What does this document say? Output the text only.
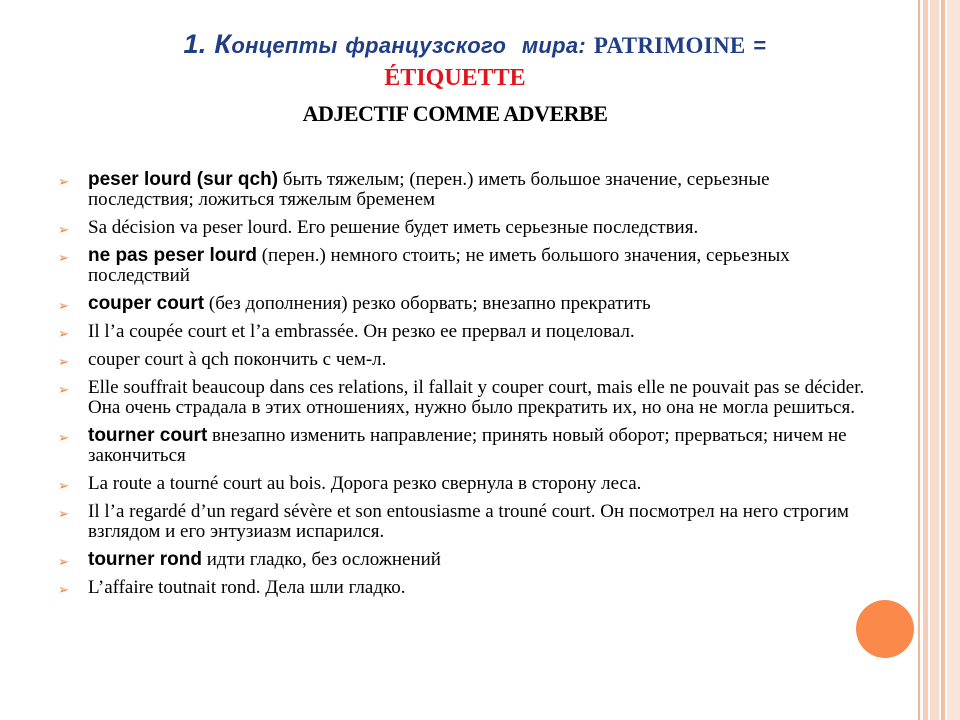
1. Концепты французского мира: PATRIMOINE =
ÉTIQUETTE
ADJECTIF COMME ADVERBE
➢ peser lourd (sur qch) быть тяжелым; (перен.) иметь большое значение, серьезные последствия; ложиться тяжелым бременем
➢ Sa décision va peser lourd. Его решение будет иметь серьезные последствия.
➢ ne pas peser lourd (перен.) немного стоить; не иметь большого значения, серьезных последствий
➢ couper court (без дополнения) резко оборвать; внезапно прекратить
➢ Il l’a coupée court et l’a embrassée. Он резко ее прервал и поцеловал.
➢ couper court à qch покончить с чем-л.
➢ Elle souffrait beaucoup dans ces relations, il fallait y couper court, mais elle ne pouvait pas se décider. Она очень страдала в этих отношениях, нужно было прекратить их, но она не могла решиться.
➢ tourner court внезапно изменить направление; принять новый оборот; прерваться; ничем не закончиться
➢ La route a tourné court au bois. Дорога резко свернула в сторону леса.
➢ Il l’a regardé d’un regard sévère et son entousiasme a trouné court. Он посмотрел на него строгим взглядом и его энтузиазм испарился.
➢ tourner rond идти гладко, без осложнений
➢ L’affaire toutnait rond. Дела шли гладко.
